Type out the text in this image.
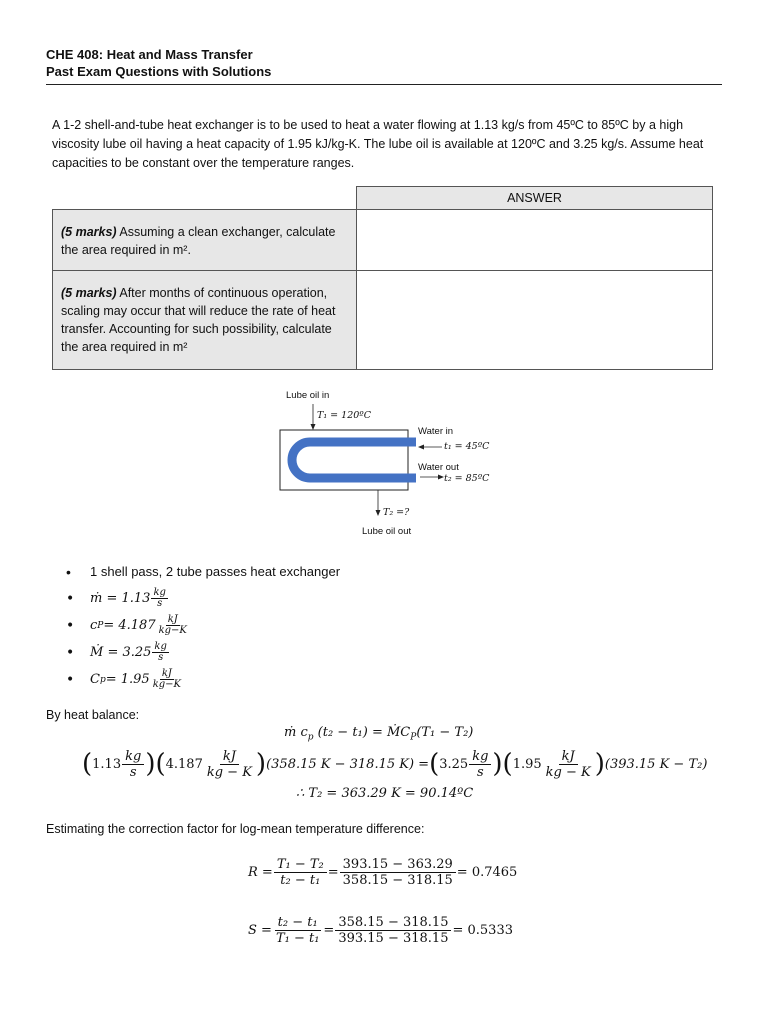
CHE 408: Heat and Mass Transfer
Past Exam Questions with Solutions
A 1-2 shell-and-tube heat exchanger is to be used to heat a water flowing at 1.13 kg/s from 45ºC to 85ºC by a high viscosity lube oil having a heat capacity of 1.95 kJ/kg-K. The lube oil is available at 120ºC and 3.25 kg/s. Assume heat capacities to be constant over the temperature ranges.
	ANSWER
(5 marks) Assuming a clean exchanger, calculate the area required in m².	
(5 marks) After months of continuous operation, scaling may occur that will reduce the rate of heat transfer. Accounting for such possibility, calculate the area required in m²	
Lube oil in
T₁ = 120ºC
Water in
t₁ = 45ºC
Water out
t₂ = 85ºC
T₂ =?
Lube oil out
• 1 shell pass, 2 tube passes heat exchanger
• ṁ = $1.13 \frac{kg}{s}$
• c $P = 4.187 \frac{kJ}{kg-K}$
• Ṁ = $3.25 \frac{kg}{s}$
• C $p = 1.95 \frac{kJ}{kg-K}$
By heat balance:
ṁ $c_p$ (t₂ − t₁) = ṀC$_P$(T₁ − T₂)
( $1.13 \frac{kg}{s}$ ) ( $4.187 \frac{kJ}{kg - K}$ ) (358.15 K − 318.15 K) = ( $3.25 \frac{kg}{s}$ ) ( $1.95 \frac{kJ}{kg - K}$ ) (393.15 K − T₂)
∴ T₂ = 363.29 K = 90.14ºC
Estimating the correction factor for log-mean temperature difference:
$R = \frac{\text{T₁ − T₂}}{\text{t₂ − t₁}} = \frac{393.15 - 363.29}{358.15 - 318.15} = 0.7465$
$S = \frac{\text{t₂ − t₁}}{\text{T₁ − t₁}} = \frac{358.15 - 318.15}{393.15 - 318.15} = 0.5333$
